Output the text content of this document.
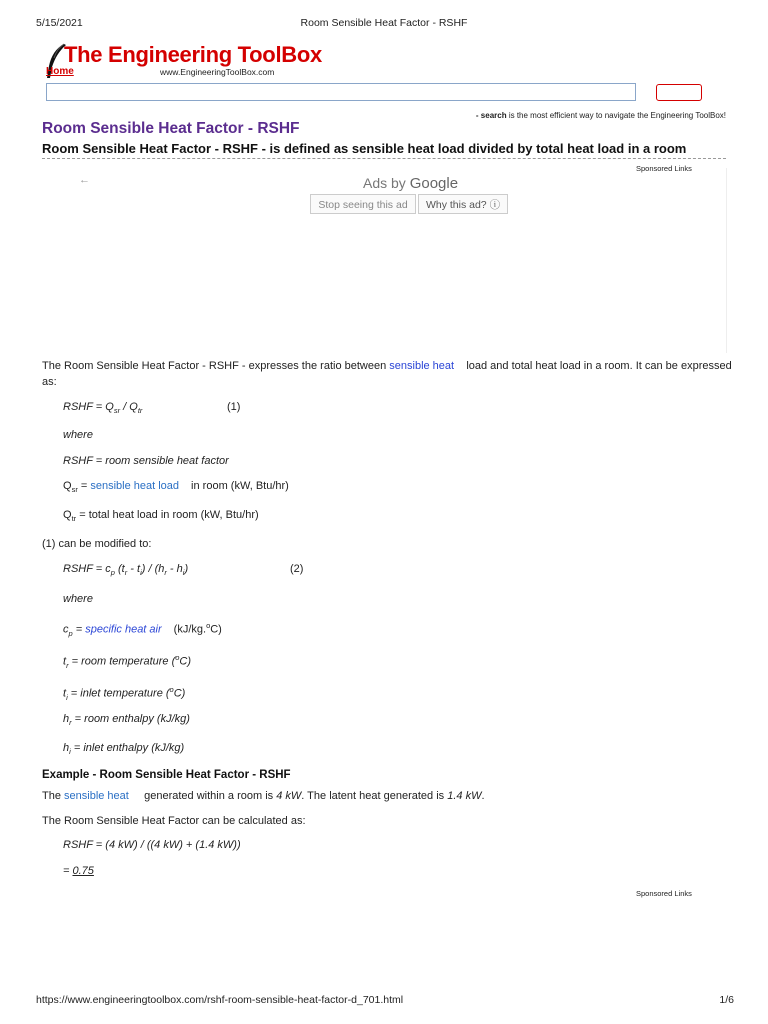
5/15/2021	Room Sensible Heat Factor - RSHF
The Engineering ToolBox
Home	www.EngineeringToolBox.com
- search is the most efficient way to navigate the Engineering ToolBox!
Room Sensible Heat Factor - RSHF
Room Sensible Heat Factor - RSHF - is defined as sensible heat load divided by total heat load in a room
Sponsored Links
←	Ads by Google
Stop seeing this ad	Why this ad? ⓘ
The Room Sensible Heat Factor - RSHF - expresses the ratio between sensible heat    load and total heat load in a room. It can be expressed
as:
RSHF = $Q_{sr} / Q_{tr}$	(1)
where
RSHF = room sensible heat factor
$Q_{sr}$ = sensible heat load in room (kW, Btu/hr)
$Q_{tr}$ = total heat load in room (kW, Btu/hr)
(1) can be modified to:
RSHF = $c_p$ $(t_r - t_i) / (h_r - h_i)$	(2)
where
$c_p$ = specific heat air (kJ/kg.$^o$C)
$t_r$ = room temperature ($^o$C)
$t_i$ = inlet temperature ($^o$C)
$h_r$ = room enthalpy (kJ/kg)
$h_i$ = inlet enthalpy (kJ/kg)
Example - Room Sensible Heat Factor - RSHF
The sensible heat     generated within a room is 4 kW. The latent heat generated is 1.4 kW.
The Room Sensible Heat Factor can be calculated as:
RSHF = (4 kW) / ((4 kW) + (1.4 kW))
= 0.75
Sponsored Links
https://www.engineeringtoolbox.com/rshf-room-sensible-heat-factor-d_701.html	1/6
